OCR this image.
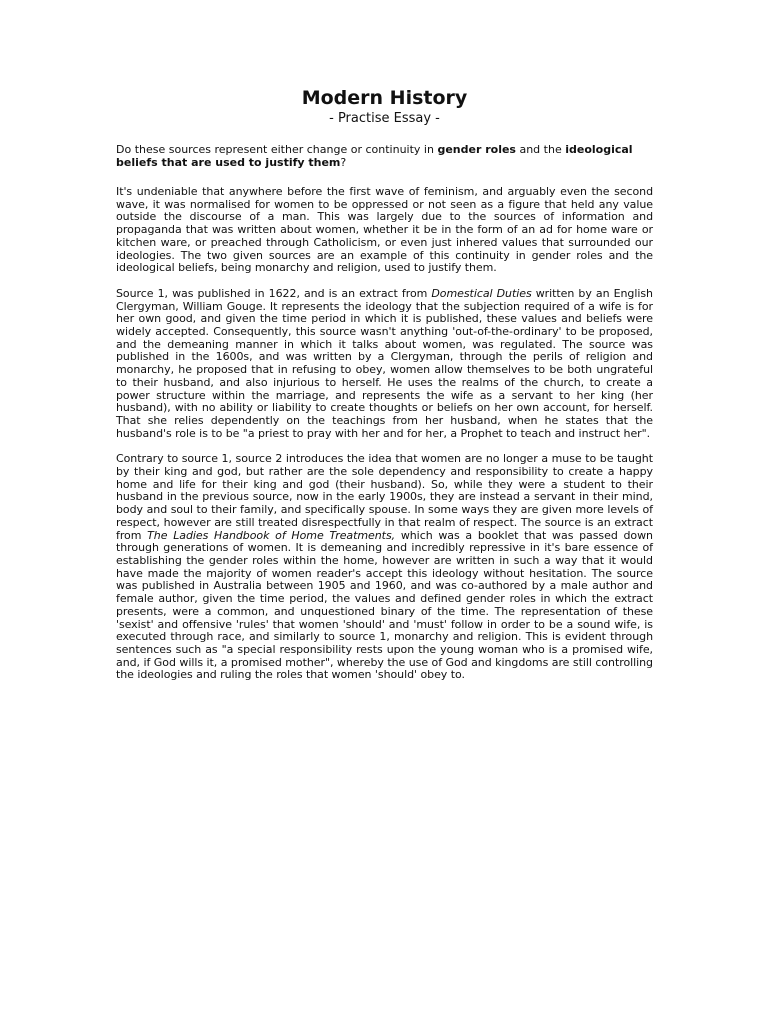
Modern History
- Practise Essay -

Do these sources represent either change or continuity in gender roles and the ideological beliefs that are used to justify them?

It's undeniable that anywhere before the first wave of feminism, and arguably even the second wave, it was normalised for women to be oppressed or not seen as a figure that held any value outside the discourse of a man. This was largely due to the sources of information and propaganda that was written about women, whether it be in the form of an ad for home ware or kitchen ware, or preached through Catholicism, or even just inhered values that surrounded our ideologies. The two given sources are an example of this continuity in gender roles and the ideological beliefs, being monarchy and religion, used to justify them.

Source 1, was published in 1622, and is an extract from Domestical Duties written by an English Clergyman, William Gouge. It represents the ideology that the subjection required of a wife is for her own good, and given the time period in which it is published, these values and beliefs were widely accepted. Consequently, this source wasn't anything 'out-of-the-ordinary' to be proposed, and the demeaning manner in which it talks about women, was regulated. The source was published in the 1600s, and was written by a Clergyman, through the perils of religion and monarchy, he proposed that in refusing to obey, women allow themselves to be both ungrateful to their husband, and also injurious to herself. He uses the realms of the church, to create a power structure within the marriage, and represents the wife as a servant to her king (her husband), with no ability or liability to create thoughts or beliefs on her own account, for herself. That she relies dependently on the teachings from her husband, when he states that the husband's role is to be "a priest to pray with her and for her, a Prophet to teach and instruct her".

Contrary to source 1, source 2 introduces the idea that women are no longer a muse to be taught by their king and god, but rather are the sole dependency and responsibility to create a happy home and life for their king and god (their husband). So, while they were a student to their husband in the previous source, now in the early 1900s, they are instead a servant in their mind, body and soul to their family, and specifically spouse. In some ways they are given more levels of respect, however are still treated disrespectfully in that realm of respect. The source is an extract from The Ladies Handbook of Home Treatments, which was a booklet that was passed down through generations of women. It is demeaning and incredibly repressive in it's bare essence of establishing the gender roles within the home, however are written in such a way that it would have made the majority of women reader's accept this ideology without hesitation. The source was published in Australia between 1905 and 1960, and was co-authored by a male author and female author, given the time period, the values and defined gender roles in which the extract presents, were a common, and unquestioned binary of the time. The representation of these 'sexist' and offensive 'rules' that women 'should' and 'must' follow in order to be a sound wife, is executed through race, and similarly to source 1, monarchy and religion. This is evident through sentences such as "a special responsibility rests upon the young woman who is a promised wife, and, if God wills it, a promised mother", whereby the use of God and kingdoms are still controlling the ideologies and ruling the roles that women 'should' obey to.
